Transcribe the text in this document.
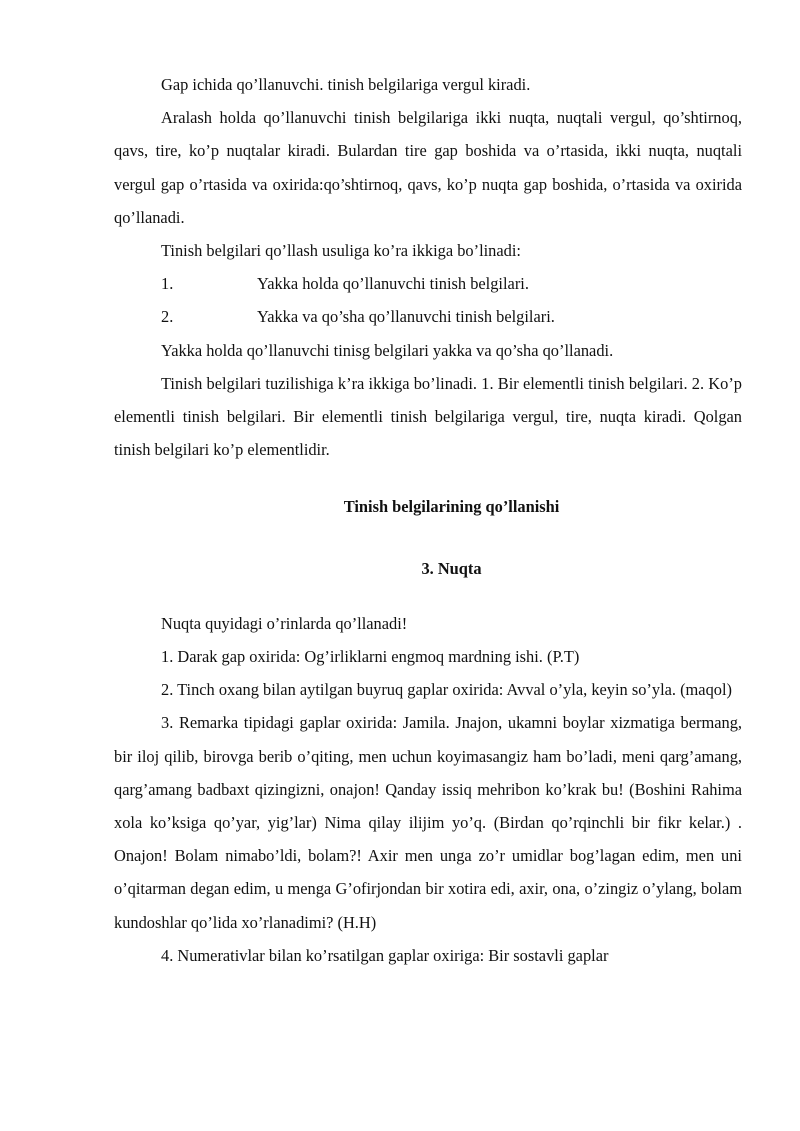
Gap ichida qo’llanuvchi. tinish belgilariga vergul kiradi.

Aralash holda qo’llanuvchi tinish belgilariga ikki nuqta, nuqtali vergul, qo’shtirnoq, qavs, tire, ko’p nuqtalar kiradi. Bulardan tire gap boshida va o’rtasida, ikki nuqta, nuqtali vergul gap o’rtasida va oxirida:qo’shtirnoq, qavs, ko’p nuqta gap boshida, o’rtasida va oxirida qo’llanadi.

Tinish belgilari qo’llash usuliga ko’ra ikkiga bo’linadi:

1.	Yakka holda qo’llanuvchi tinish belgilari.
2.	Yakka va qo’sha qo’llanuvchi tinish belgilari.

Yakka holda qo’llanuvchi tinisg belgilari yakka va qo’sha qo’llanadi.

Tinish belgilari tuzilishiga k’ra ikkiga bo’linadi. 1. Bir elementli tinish belgilari. 2. Ko’p elementli tinish belgilari. Bir elementli tinish belgilariga vergul, tire, nuqta kiradi. Qolgan tinish belgilari ko’p elementlidir.

Tinish belgilarining qo’llanishi
3. Nuqta

Nuqta quyidagi o’rinlarda qo’llanadi!

1. Darak gap oxirida: Og’irliklarni engmoq mardning ishi. (P.T)

2. Tinch oxang bilan aytilgan buyruq gaplar oxirida: Avval o’yla, keyin so’yla. (maqol)

3. Remarka tipidagi gaplar oxirida: Jamila. Jnajon, ukamni boylar xizmatiga bermang, bir iloj qilib, birovga berib o’qiting, men uchun koyimasangiz ham bo’ladi, meni qarg’amang, qarg’amang badbaxt qizingizni, onajon! Qanday issiq mehribon ko’krak bu! (Boshini Rahima xola ko’ksiga qo’yar, yig’lar) Nima qilay ilijim yo’q. (Birdan qo’rqinchli bir fikr kelar.) . Onajon! Bolam nimabo’ldi, bolam?! Axir men unga zo’r umidlar bog’lagan edim, men uni o’qitarman degan edim, u menga G’ofirjondan bir xotira edi, axir, ona, o’zingiz o’ylang, bolam kundoshlar qo’lida xo’rlanadimi? (H.H)

4. Numerativlar bilan ko’rsatilgan gaplar oxiriga: Bir sostavli gaplar
